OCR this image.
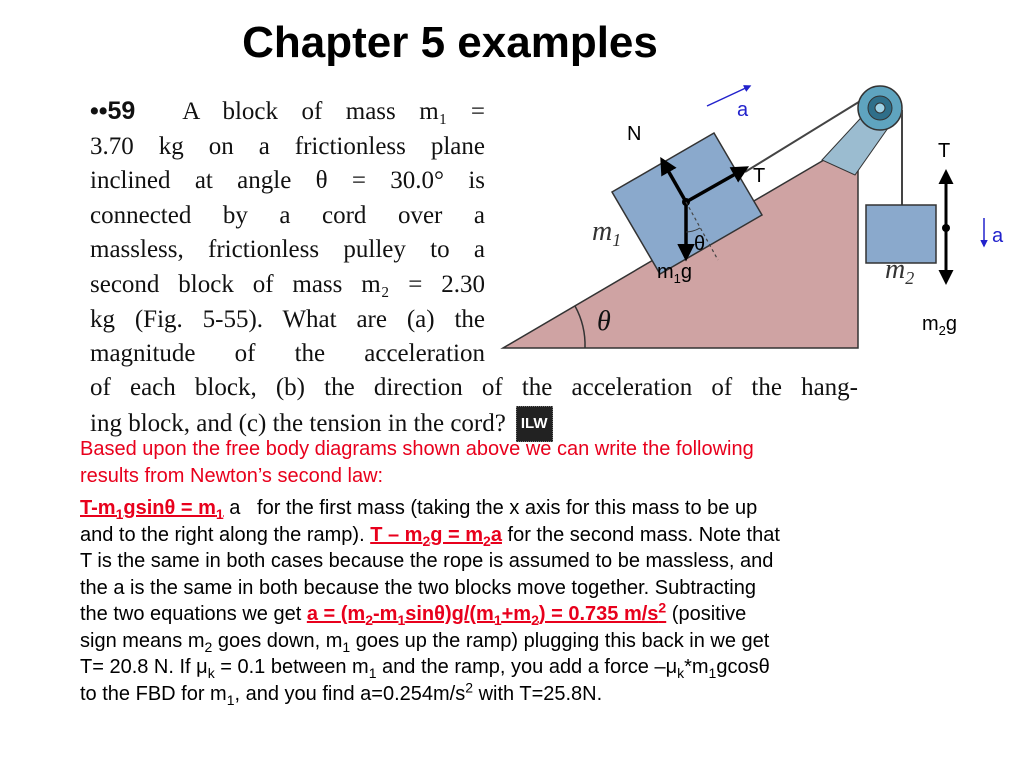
Chapter 5 examples
••59 A block of mass m₁ =
3.70 kg on a frictionless plane
inclined at angle θ = 30.0° is
connected by a cord over a
massless, frictionless pulley to a
second block of mass m₂ = 2.30
kg (Fig. 5-55). What are (a) the
magnitude of the acceleration
of each block, (b) the direction of the acceleration of the hang-
ing block, and (c) the tension in the cord? ILW
θ
$m_1$
$m_2$
θ
N
T
$m_1g$
a
T
$m_2g$
a

Based upon the free body diagrams shown above we can write the following

results from Newton’s second law:

$T-m_1gsin\theta = m_1$ a for the first mass (taking the x axis for this mass to be up
and to the right along the ramp). $T - m_2g = m_2a$ for the second mass. Note that
T is the same in both cases because the rope is assumed to be massless, and
the a is the same in both because the two blocks move together. Subtracting
the two equations we get $a = (m_2-m_1\sin\theta)g/(m_1+m_2) = 0.735$ $m/s^2$ (positive
sign means $m_2$ goes down, $m_1$ goes up the ramp) plugging this back in we get
T= 20.8 N. If $\mu_k = 0.1$ between $m_1$ and the ramp, you add a force $-\mu_k*m_1gcos\theta$
to the FBD for $m_1$, and you find $a=0.254m/s^2$ with T=25.8N.
